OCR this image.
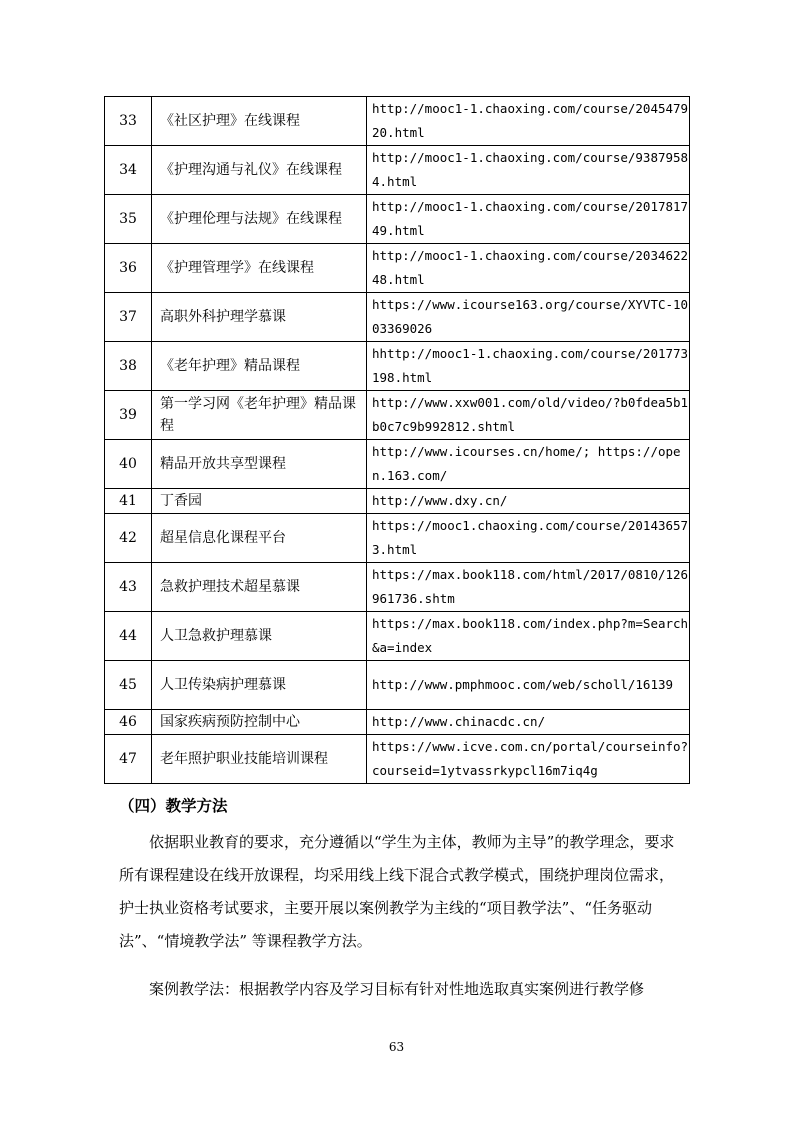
33	《社区护理》在线课程	http://mooc1-1.chaoxing.com/course/204547920.html
34	《护理沟通与礼仪》在线课程	http://mooc1-1.chaoxing.com/course/93879584.html
35	《护理伦理与法规》在线课程	http://mooc1-1.chaoxing.com/course/201781749.html
36	《护理管理学》在线课程	http://mooc1-1.chaoxing.com/course/203462248.html
37	高职外科护理学慕课	https://www.icourse163.org/course/XYVTC-1003369026
38	《老年护理》精品课程	hhttp://mooc1-1.chaoxing.com/course/201773198.html
39	第一学习网《老年护理》精品课程	http://www.xxw001.com/old/video/?b0fdea5b1b0c7c9b992812.shtml
40	精品开放共享型课程	http://www.icourses.cn/home/; https://open.163.com/
41	丁香园	http://www.dxy.cn/
42	超星信息化课程平台	https://mooc1.chaoxing.com/course/201436573.html
43	急救护理技术超星慕课	https://max.book118.com/html/2017/0810/126961736.shtm
44	人卫急救护理慕课	https://max.book118.com/index.php?m=Search&a=index
45	人卫传染病护理慕课	http://www.pmphmooc.com/web/scholl/16139
46	国家疾病预防控制中心	http://www.chinacdc.cn/
47	老年照护职业技能培训课程	https://www.icve.com.cn/portal/courseinfo?courseid=1ytvassrkypcl16m7iq4g
（四）教学方法

依据职业教育的要求，充分遵循以“学生为主体，教师为主导”的教学理念，要求所有课程建设在线开放课程，均采用线上线下混合式教学模式，围绕护理岗位需求，护士执业资格考试要求，主要开展以案例教学为主线的“项目教学法”、“任务驱动法”、“情境教学法” 等课程教学方法。

案例教学法：根据教学内容及学习目标有针对性地选取真实案例进行教学修

63
